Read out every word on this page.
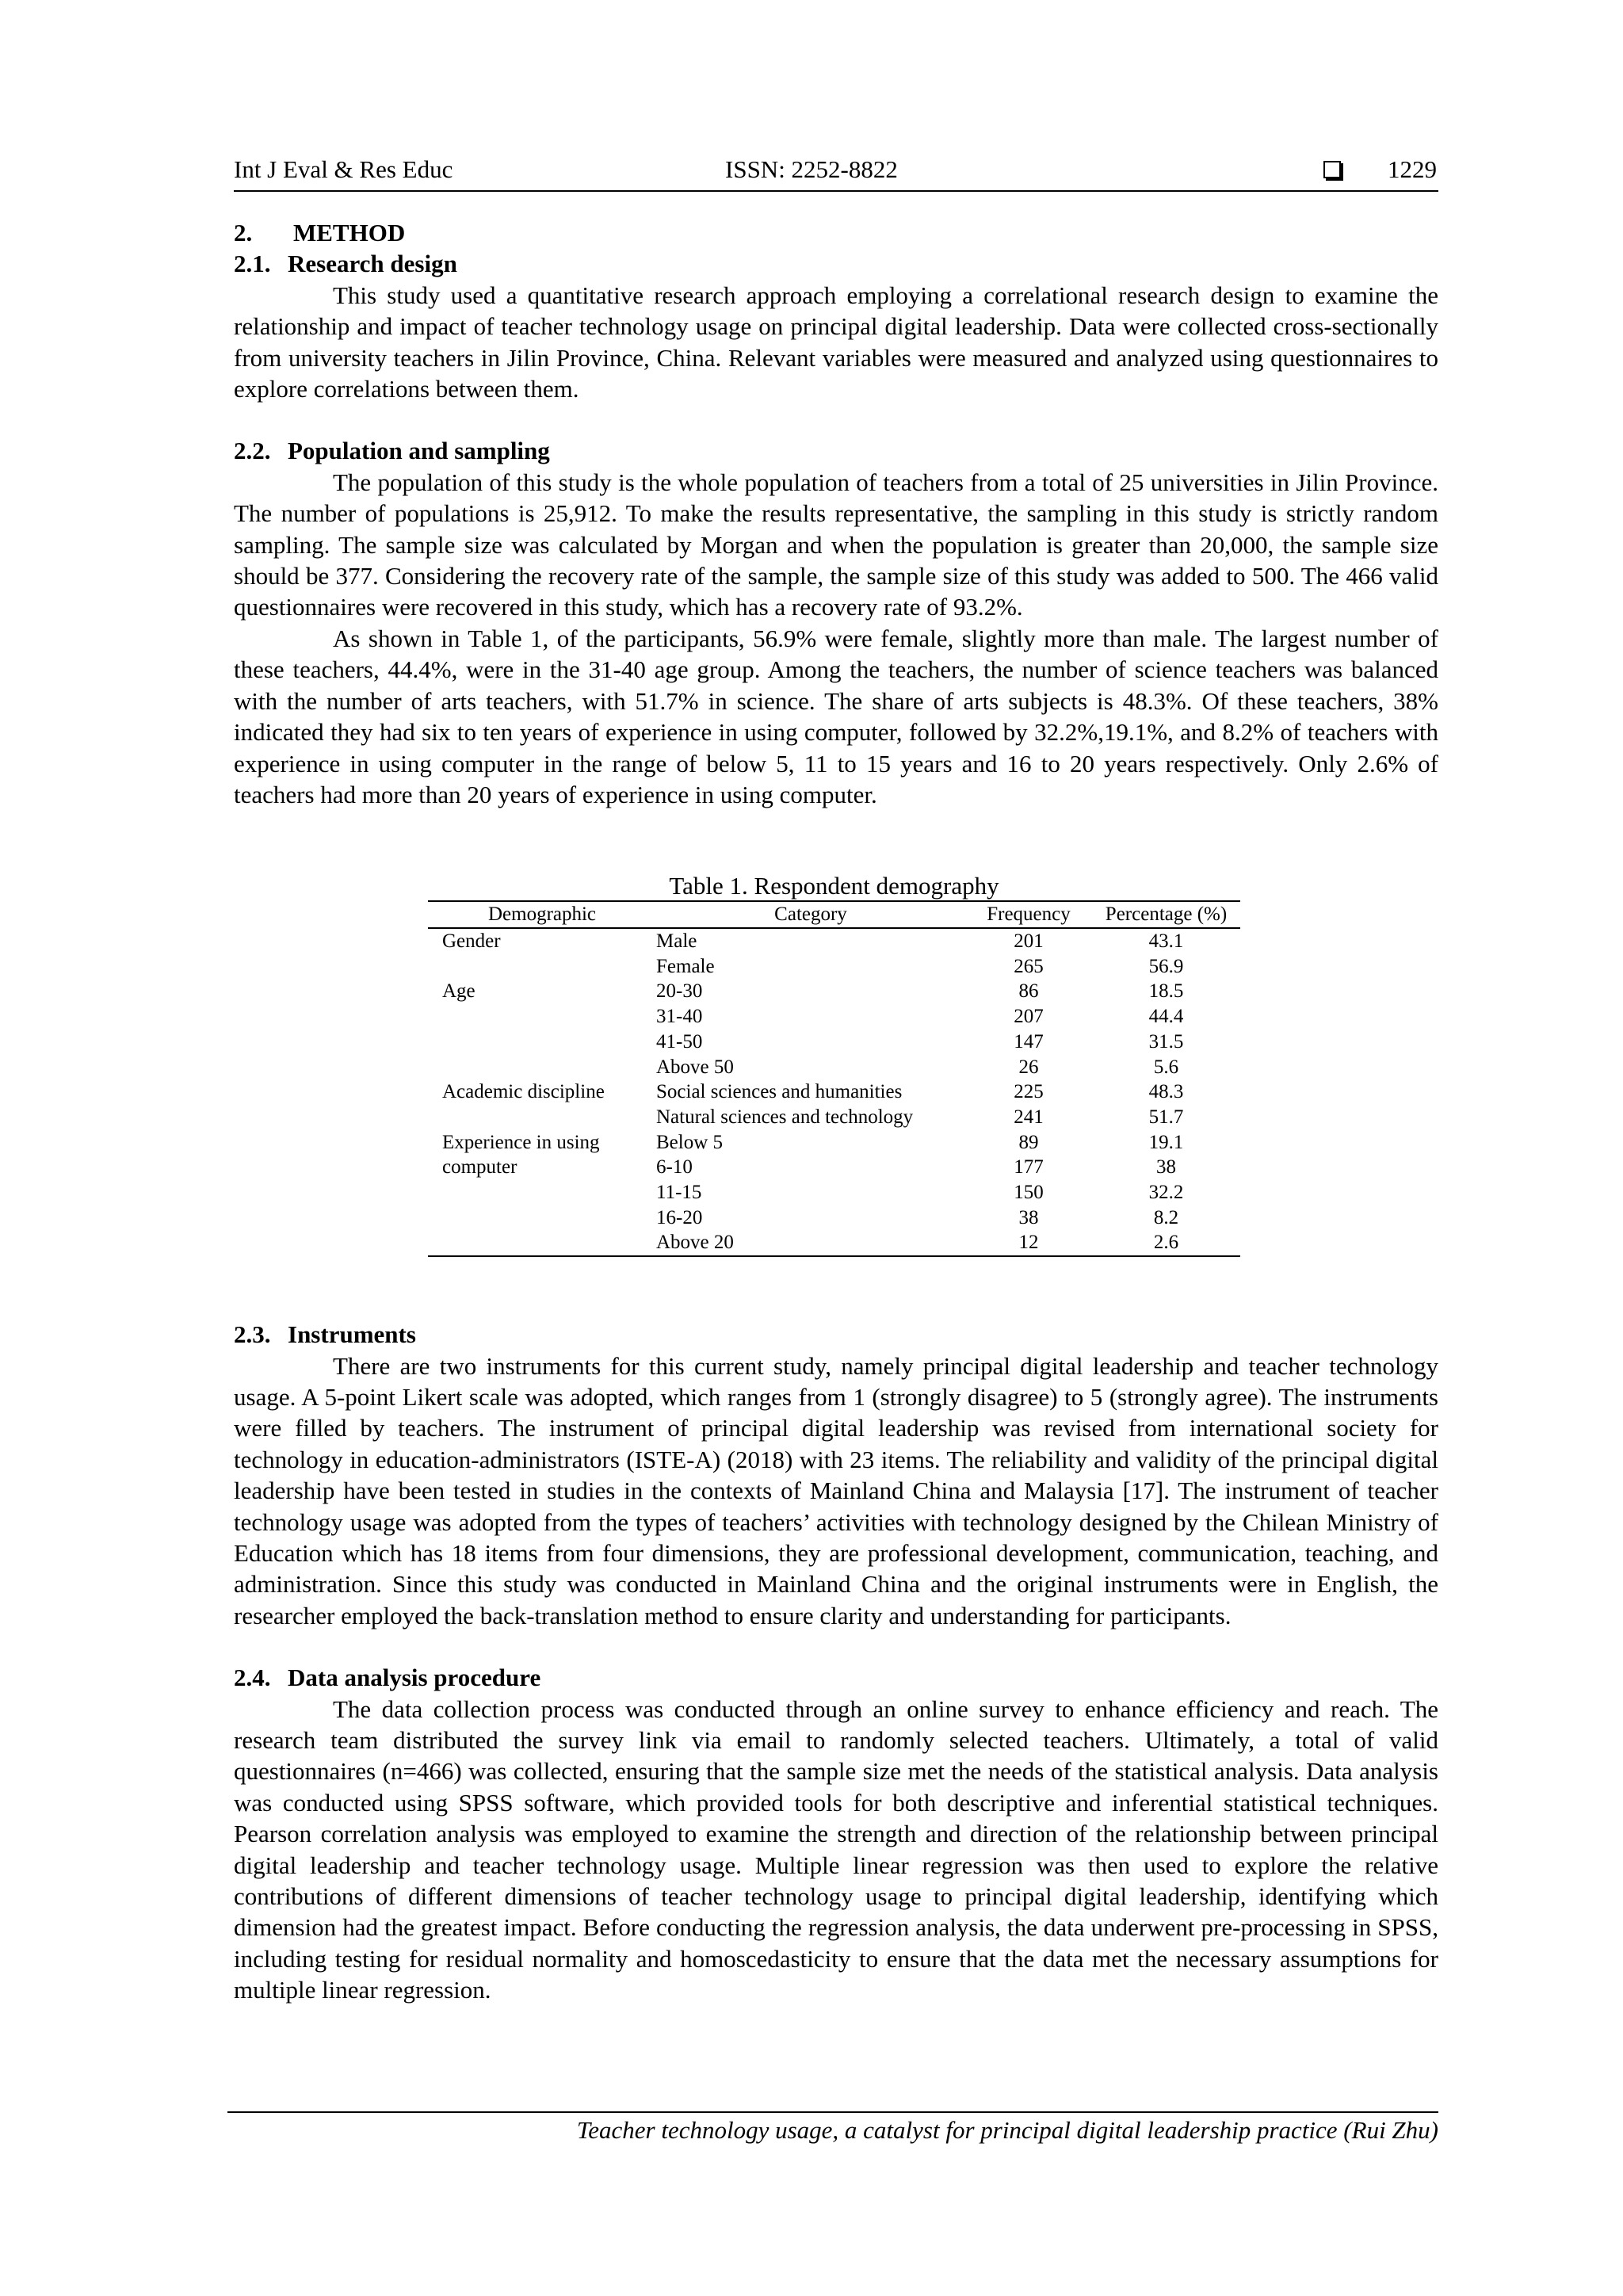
Int J Eval & Res Educ	ISSN: 2252-8822	1229
2. METHOD
2.1. Research design

This study used a quantitative research approach employing a correlational research design to examine the relationship and impact of teacher technology usage on principal digital leadership. Data were collected cross-sectionally from university teachers in Jilin Province, China. Relevant variables were measured and analyzed using questionnaires to explore correlations between them.

2.2. Population and sampling

The population of this study is the whole population of teachers from a total of 25 universities in Jilin Province. The number of populations is 25,912. To make the results representative, the sampling in this study is strictly random sampling. The sample size was calculated by Morgan and when the population is greater than 20,000, the sample size should be 377. Considering the recovery rate of the sample, the sample size of this study was added to 500. The 466 valid questionnaires were recovered in this study, which has a recovery rate of 93.2%.

As shown in Table 1, of the participants, 56.9% were female, slightly more than male. The largest number of these teachers, 44.4%, were in the 31-40 age group. Among the teachers, the number of science teachers was balanced with the number of arts teachers, with 51.7% in science. The share of arts subjects is 48.3%. Of these teachers, 38% indicated they had six to ten years of experience in using computer, followed by 32.2%,19.1%, and 8.2% of teachers with experience in using computer in the range of below 5, 11 to 15 years and 16 to 20 years respectively. Only 2.6% of teachers had more than 20 years of experience in using computer.

Table 1. Respondent demography
Demographic	Category	Frequency	Percentage (%)
Gender	Male	201	43.1
	Female	265	56.9
Age	20-30	86	18.5
	31-40	207	44.4
	41-50	147	31.5
	Above 50	26	5.6
Academic discipline	Social sciences and humanities	225	48.3
	Natural sciences and technology	241	51.7
Experience in using	Below 5	89	19.1
computer	6-10	177	38
	11-15	150	32.2
	16-20	38	8.2
	Above 20	12	2.6
2.3. Instruments

There are two instruments for this current study, namely principal digital leadership and teacher technology usage. A 5-point Likert scale was adopted, which ranges from 1 (strongly disagree) to 5 (strongly agree). The instruments were filled by teachers. The instrument of principal digital leadership was revised from international society for technology in education-administrators (ISTE-A) (2018) with 23 items. The reliability and validity of the principal digital leadership have been tested in studies in the contexts of Mainland China and Malaysia [17]. The instrument of teacher technology usage was adopted from the types of teachers’ activities with technology designed by the Chilean Ministry of Education which has 18 items from four dimensions, they are professional development, communication, teaching, and administration. Since this study was conducted in Mainland China and the original instruments were in English, the researcher employed the back-translation method to ensure clarity and understanding for participants.

2.4. Data analysis procedure

The data collection process was conducted through an online survey to enhance efficiency and reach. The research team distributed the survey link via email to randomly selected teachers. Ultimately, a total of valid questionnaires (n=466) was collected, ensuring that the sample size met the needs of the statistical analysis. Data analysis was conducted using SPSS software, which provided tools for both descriptive and inferential statistical techniques. Pearson correlation analysis was employed to examine the strength and direction of the relationship between principal digital leadership and teacher technology usage. Multiple linear regression was then used to explore the relative contributions of different dimensions of teacher technology usage to principal digital leadership, identifying which dimension had the greatest impact. Before conducting the regression analysis, the data underwent pre-processing in SPSS, including testing for residual normality and homoscedasticity to ensure that the data met the necessary assumptions for multiple linear regression.

Teacher technology usage, a catalyst for principal digital leadership practice (Rui Zhu)
